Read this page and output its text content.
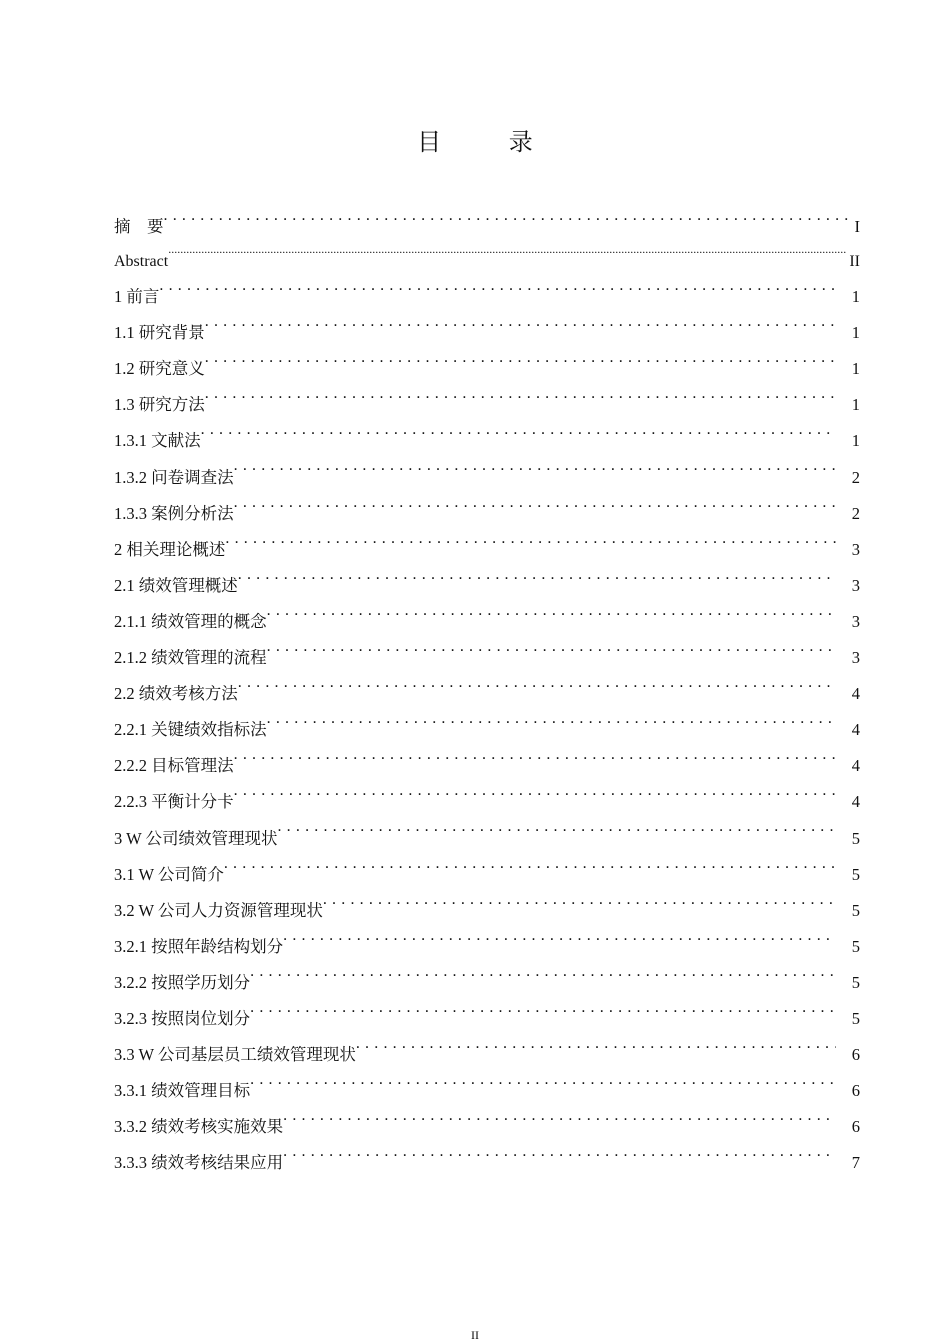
目 录
摘　要 . . .	I
Abstract .....	II
1 前言 . . .	1
1.1 研究背景 . . .	1
1.2 研究意义 . . .	1
1.3 研究方法 . . .	1
1.3.1 文献法 . . .	1
1.3.2 问卷调查法 . . .	2
1.3.3 案例分析法 . . .	2
2 相关理论概述 . . .	3
2.1 绩效管理概述 . . .	3
2.1.1 绩效管理的概念 . . .	3
2.1.2 绩效管理的流程 . . .	3
2.2 绩效考核方法 . . .	4
2.2.1 关键绩效指标法 . . .	4
2.2.2 目标管理法 . . .	4
2.2.3 平衡计分卡 . . .	4
3 W 公司绩效管理现状 . . .	5
3.1 W 公司简介 . . .	5
3.2 W 公司人力资源管理现状 . . .	5
3.2.1 按照年龄结构划分 . . .	5
3.2.2 按照学历划分 . . .	5
3.2.3 按照岗位划分 . . .	5
3.3 W 公司基层员工绩效管理现状 . . .	6
3.3.1 绩效管理目标 . . .	6
3.3.2 绩效考核实施效果 . . .	6
3.3.3 绩效考核结果应用 . . .	7
II
